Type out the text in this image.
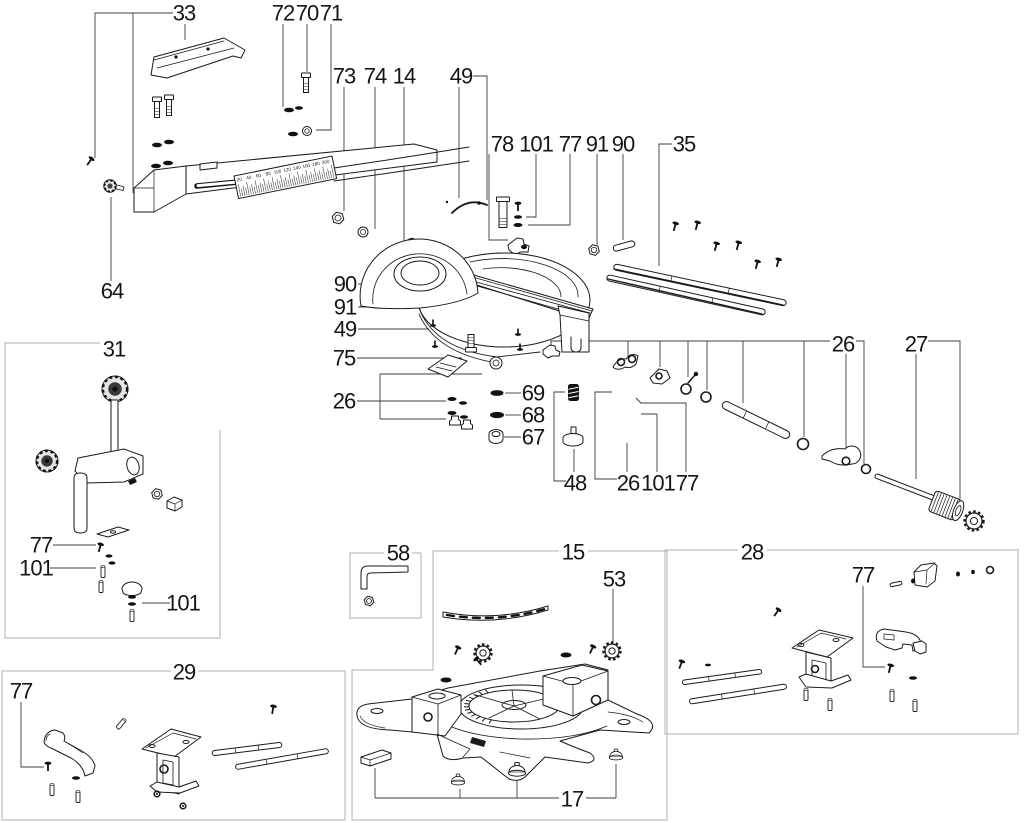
20 40 60 80 100 120 140 160 180 200
33	72 70 71
73 74 14 49
78 101 77 91 90 35
64	90
91
49
75
26	69
68
67
48 26 101 77
26 27
31
77
101
101
29
77
58	15
53
28
77
17
